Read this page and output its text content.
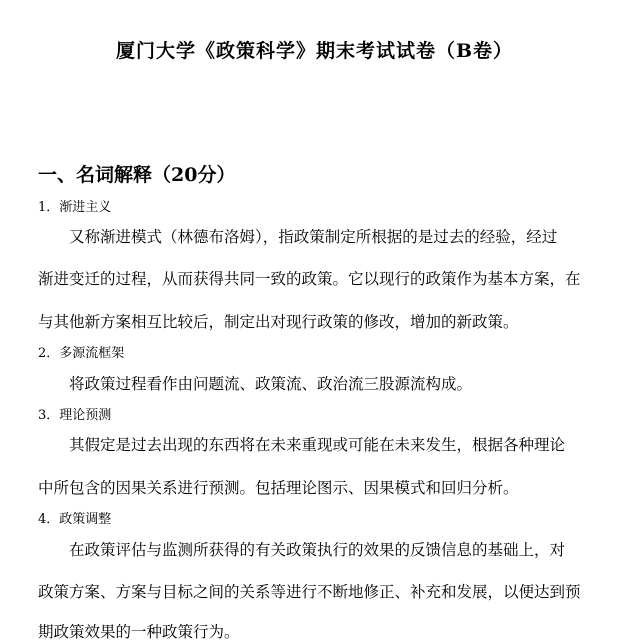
厦门大学《政策科学》期末考试试卷（B卷）
一、名词解释（20分）
1．渐进主义
又称渐进模式（林德布洛姆），指政策制定所根据的是过去的经验，经过
渐进变迁的过程，从而获得共同一致的政策。它以现行的政策作为基本方案，在
与其他新方案相互比较后，制定出对现行政策的修改，增加的新政策。
2．多源流框架
将政策过程看作由问题流、政策流、政治流三股源流构成。
3．理论预测
其假定是过去出现的东西将在未来重现或可能在未来发生，根据各种理论
中所包含的因果关系进行预测。包括理论图示、因果模式和回归分析。
4．政策调整
在政策评估与监测所获得的有关政策执行的效果的反馈信息的基础上，对
政策方案、方案与目标之间的关系等进行不断地修正、补充和发展，以便达到预
期政策效果的一种政策行为。
